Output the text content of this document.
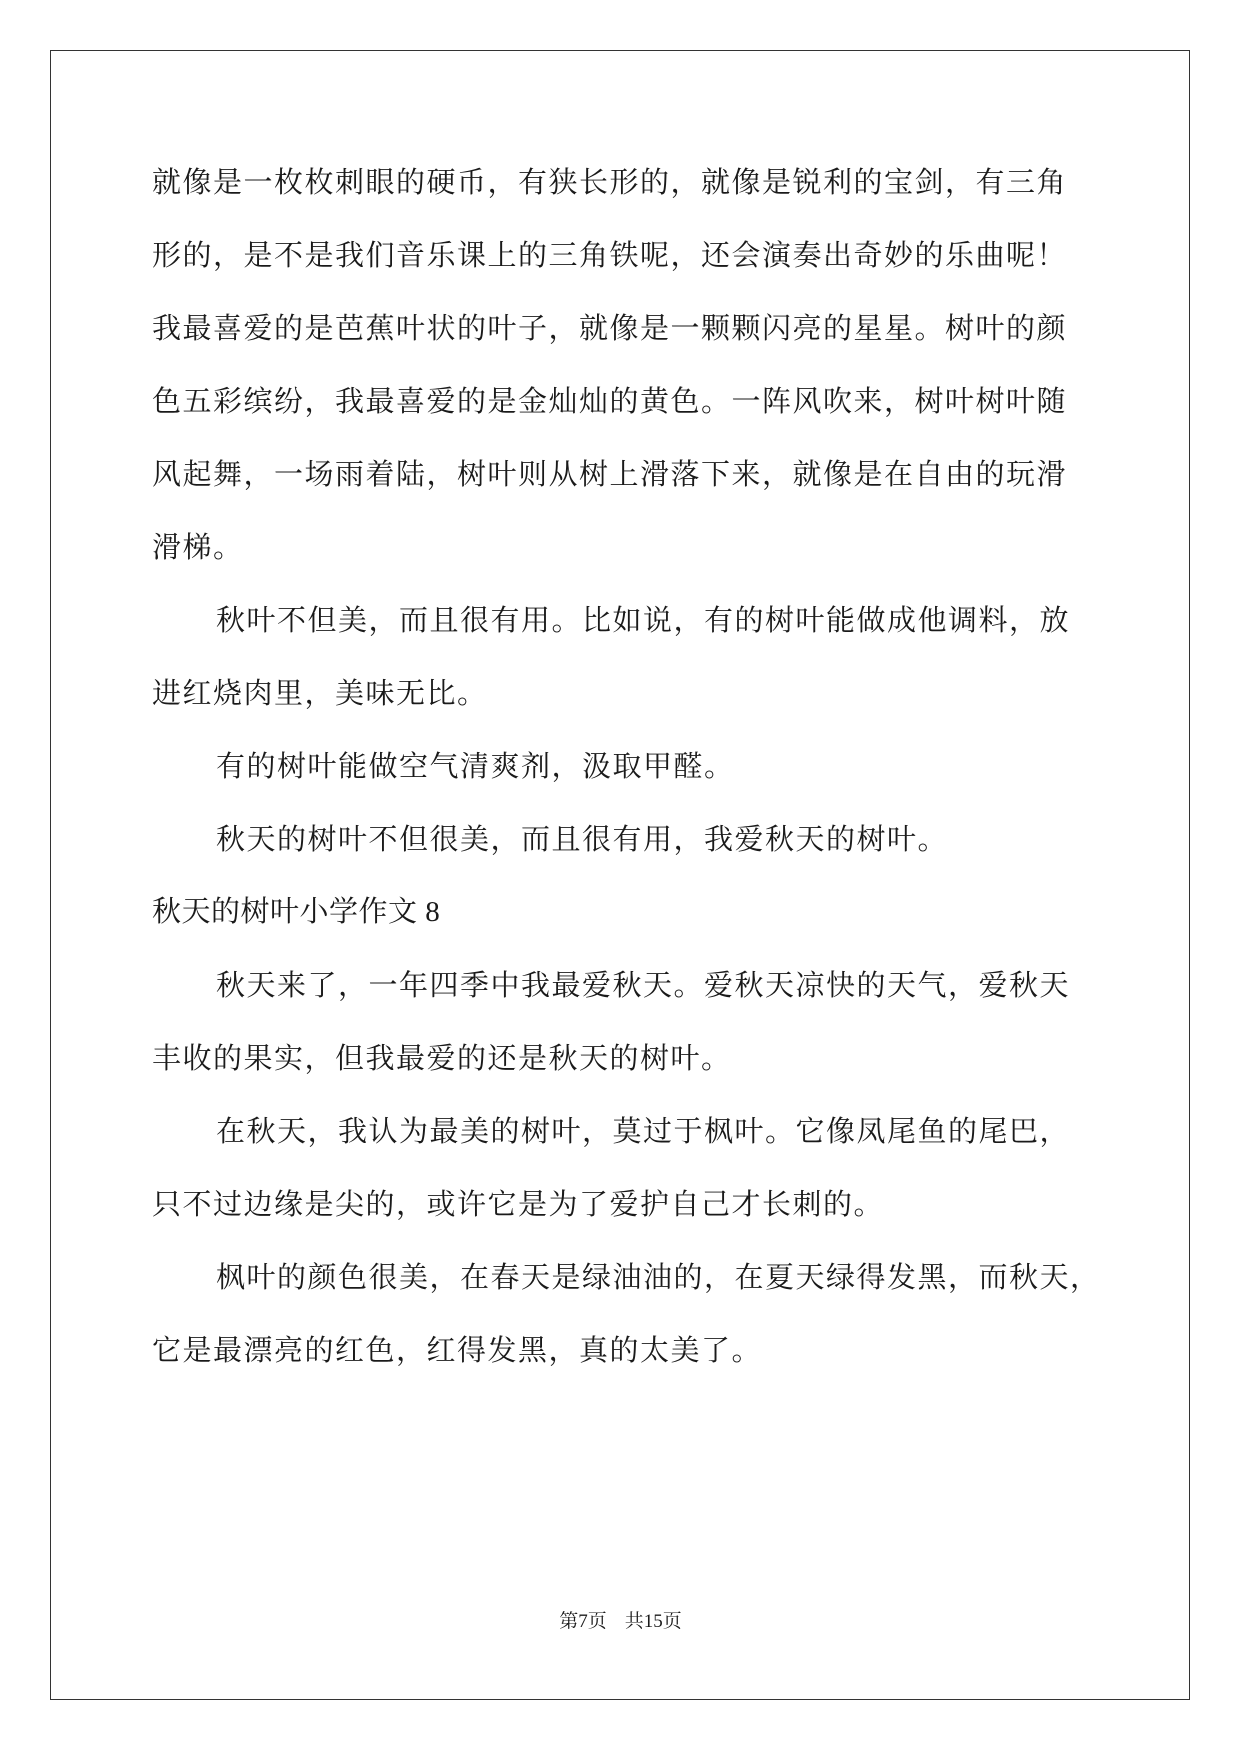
就像是一枚枚刺眼的硬币，有狭长形的，就像是锐利的宝剑，有三角
形的，是不是我们音乐课上的三角铁呢，还会演奏出奇妙的乐曲呢！
我最喜爱的是芭蕉叶状的叶子，就像是一颗颗闪亮的星星。树叶的颜
色五彩缤纷，我最喜爱的是金灿灿的黄色。一阵风吹来，树叶树叶随
风起舞，一场雨着陆，树叶则从树上滑落下来，就像是在自由的玩滑
滑梯。
秋叶不但美，而且很有用。比如说，有的树叶能做成他调料，放
进红烧肉里，美味无比。
有的树叶能做空气清爽剂，汲取甲醛。
秋天的树叶不但很美，而且很有用，我爱秋天的树叶。
秋天的树叶小学作文 8
秋天来了，一年四季中我最爱秋天。爱秋天凉快的天气，爱秋天
丰收的果实，但我最爱的还是秋天的树叶。
在秋天，我认为最美的树叶，莫过于枫叶。它像凤尾鱼的尾巴，
只不过边缘是尖的，或许它是为了爱护自己才长刺的。
枫叶的颜色很美，在春天是绿油油的，在夏天绿得发黑，而秋天，
它是最漂亮的红色，红得发黑，真的太美了。
第7页 共15页
